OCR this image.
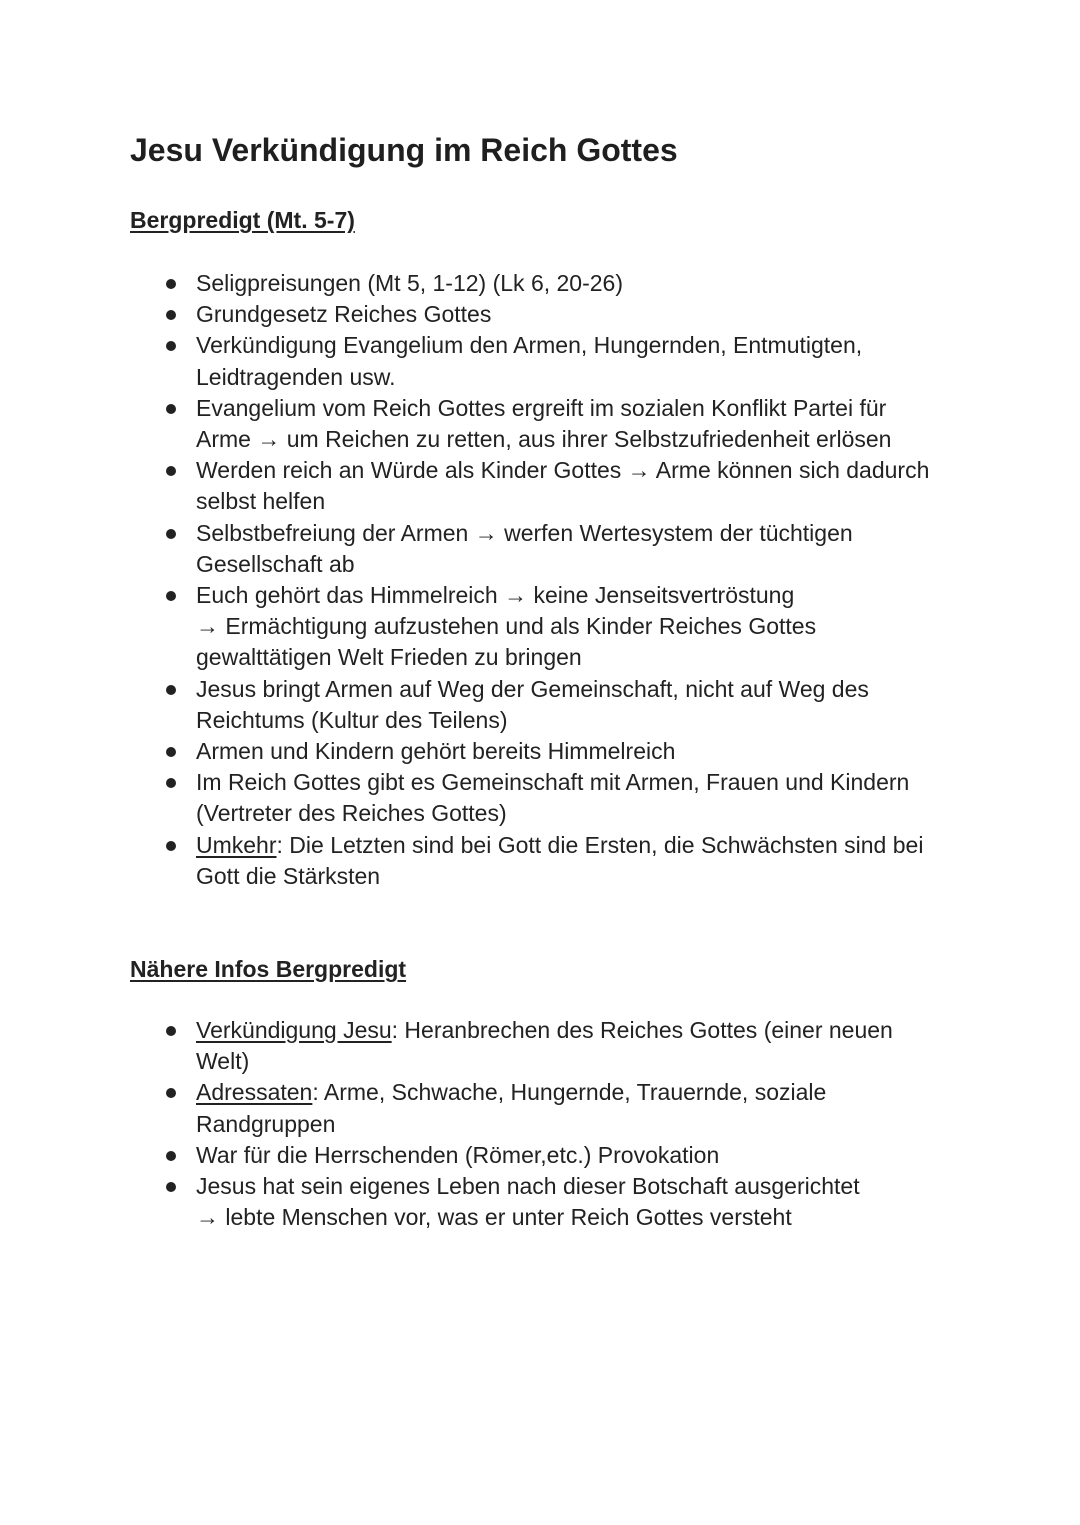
Jesu Verkündigung im Reich Gottes
Bergpredigt (Mt. 5-7)
Seligpreisungen (Mt 5, 1-12) (Lk 6, 20-26)
Grundgesetz Reiches Gottes
Verkündigung Evangelium den Armen, Hungernden, Entmutigten,
Leidtragenden usw.
Evangelium vom Reich Gottes ergreift im sozialen Konflikt Partei für
Arme → um Reichen zu retten, aus ihrer Selbstzufriedenheit erlösen
Werden reich an Würde als Kinder Gottes → Arme können sich dadurch
selbst helfen
Selbstbefreiung der Armen → werfen Wertesystem der tüchtigen
Gesellschaft ab
Euch gehört das Himmelreich → keine Jenseitsvertröstung
→ Ermächtigung aufzustehen und als Kinder Reiches Gottes
gewalttätigen Welt Frieden zu bringen
Jesus bringt Armen auf Weg der Gemeinschaft, nicht auf Weg des
Reichtums (Kultur des Teilens)
Armen und Kindern gehört bereits Himmelreich
Im Reich Gottes gibt es Gemeinschaft mit Armen, Frauen und Kindern
(Vertreter des Reiches Gottes)
Umkehr: Die Letzten sind bei Gott die Ersten, die Schwächsten sind bei
Gott die Stärksten
Nähere Infos Bergpredigt
Verkündigung Jesu: Heranbrechen des Reiches Gottes (einer neuen
Welt)
Adressaten: Arme, Schwache, Hungernde, Trauernde, soziale
Randgruppen
War für die Herrschenden (Römer,etc.) Provokation
Jesus hat sein eigenes Leben nach dieser Botschaft ausgerichtet
→ lebte Menschen vor, was er unter Reich Gottes versteht
